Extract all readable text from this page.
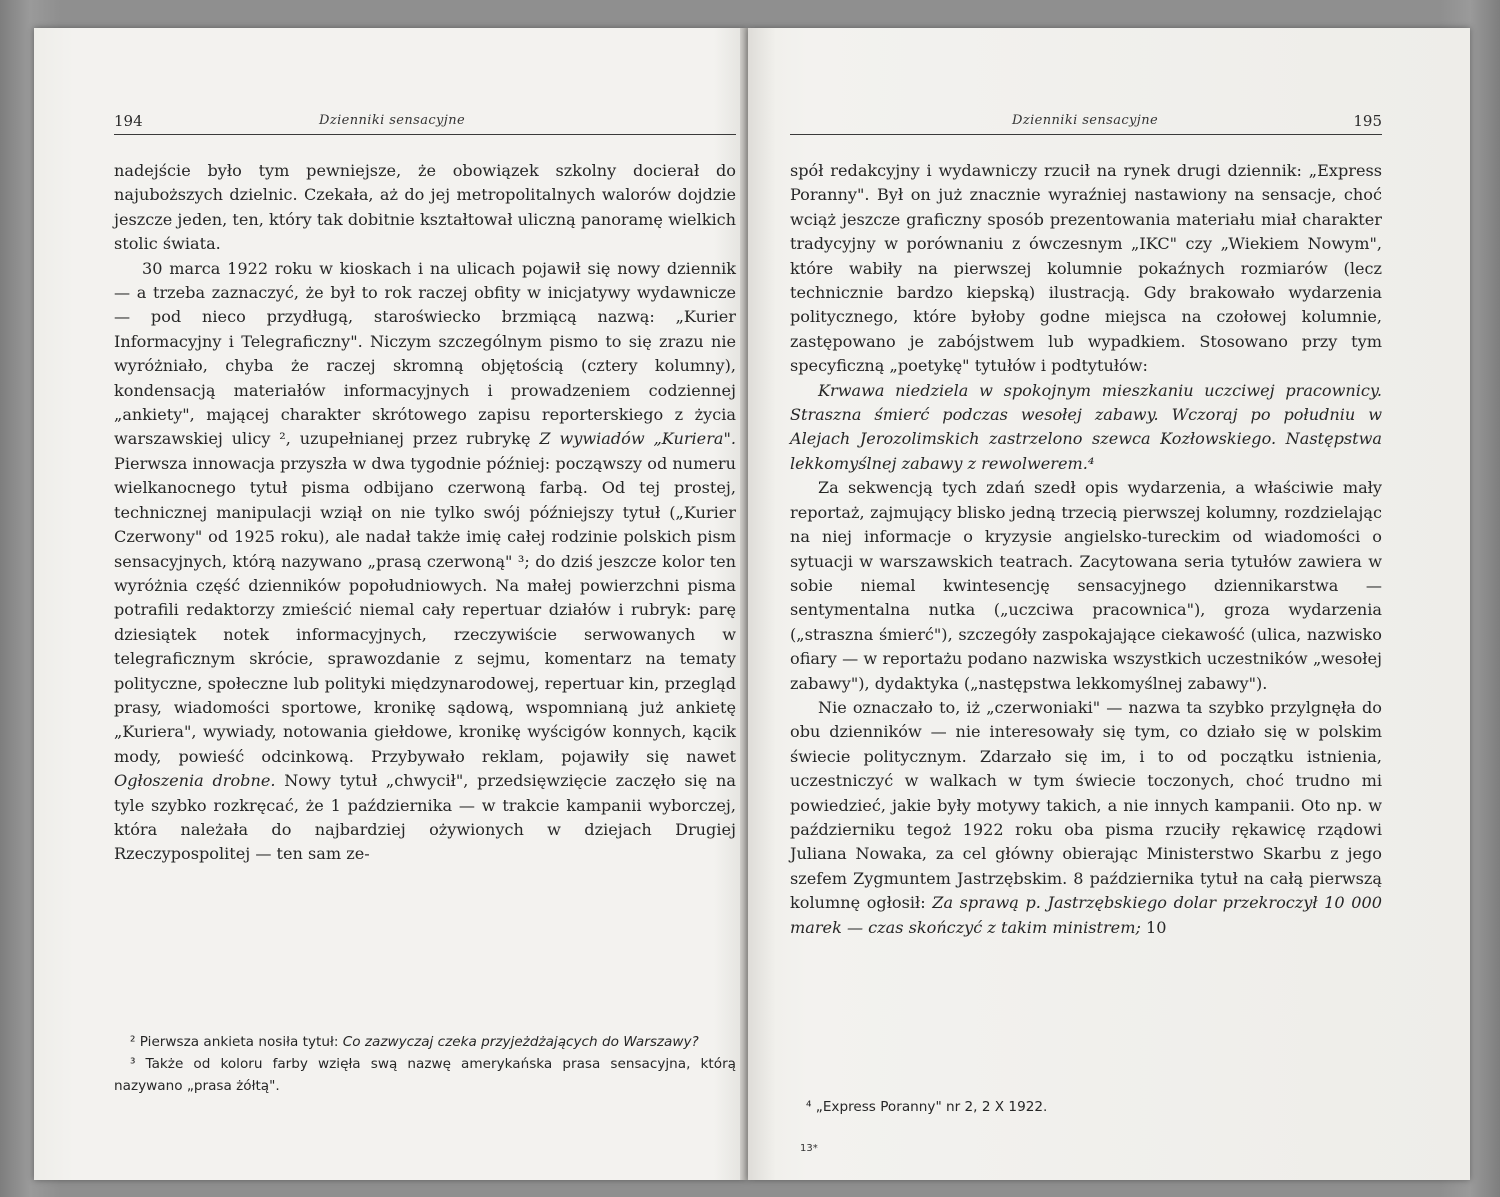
194	Dzienniki sensacyjne

nadejście było tym pewniejsze, że obowiązek szkolny docierał do najuboższych dzielnic. Czekała, aż do jej metropolitalnych walorów dojdzie jeszcze jeden, ten, który tak dobitnie kształtował uliczną panoramę wielkich stolic świata.

30 marca 1922 roku w kioskach i na ulicach pojawił się nowy dziennik — a trzeba zaznaczyć, że był to rok raczej obfity w inicjatywy wydawnicze — pod nieco przydługą, staroświecko brzmiącą nazwą: „Kurier Informacyjny i Telegraficzny". Niczym szczególnym pismo to się zrazu nie wyróżniało, chyba że raczej skromną objętością (cztery kolumny), kondensacją materiałów informacyjnych i prowadzeniem codziennej „ankiety", mającej charakter skrótowego zapisu reporterskiego z życia warszawskiej ulicy ², uzupełnianej przez rubrykę Z wywiadów „Kuriera". Pierwsza innowacja przyszła w dwa tygodnie później: począwszy od numeru wielkanocnego tytuł pisma odbijano czerwoną farbą. Od tej prostej, technicznej manipulacji wziął on nie tylko swój późniejszy tytuł („Kurier Czerwony" od 1925 roku), ale nadał także imię całej rodzinie polskich pism sensacyjnych, którą nazywano „prasą czerwoną" ³; do dziś jeszcze kolor ten wyróżnia część dzienników popołudniowych. Na małej powierzchni pisma potrafili redaktorzy zmieścić niemal cały repertuar działów i rubryk: parę dziesiątek notek informacyjnych, rzeczywiście serwowanych w telegraficznym skrócie, sprawozdanie z sejmu, komentarz na tematy polityczne, społeczne lub polityki międzynarodowej, repertuar kin, przegląd prasy, wiadomości sportowe, kronikę sądową, wspomnianą już ankietę „Kuriera", wywiady, notowania giełdowe, kronikę wyścigów konnych, kącik mody, powieść odcinkową. Przybywało reklam, pojawiły się nawet Ogłoszenia drobne. Nowy tytuł „chwycił", przedsięwzięcie zaczęło się na tyle szybko rozkręcać, że 1 października — w trakcie kampanii wyborczej, która należała do najbardziej ożywionych w dziejach Drugiej Rzeczypospolitej — ten sam ze-

² Pierwsza ankieta nosiła tytuł: Co zazwyczaj czeka przyjeżdżających do Warszawy?

³ Także od koloru farby wzięła swą nazwę amerykańska prasa sensacyjna, którą nazywano „prasa żółtą".

Dzienniki sensacyjne	195

spół redakcyjny i wydawniczy rzucił na rynek drugi dziennik: „Express Poranny". Był on już znacznie wyraźniej nastawiony na sensacje, choć wciąż jeszcze graficzny sposób prezentowania materiału miał charakter tradycyjny w porównaniu z ówczesnym „IKC" czy „Wiekiem Nowym", które wabiły na pierwszej kolumnie pokaźnych rozmiarów (lecz technicznie bardzo kiepską) ilustracją. Gdy brakowało wydarzenia politycznego, które byłoby godne miejsca na czołowej kolumnie, zastępowano je zabójstwem lub wypadkiem. Stosowano przy tym specyficzną „poetykę" tytułów i podtytułów:

Krwawa niedziela w spokojnym mieszkaniu uczciwej pracownicy. Straszna śmierć podczas wesołej zabawy. Wczoraj po południu w Alejach Jerozolimskich zastrzelono szewca Kozłowskiego. Następstwa lekkomyślnej zabawy z rewolwerem.⁴

Za sekwencją tych zdań szedł opis wydarzenia, a właściwie mały reportaż, zajmujący blisko jedną trzecią pierwszej kolumny, rozdzielając na niej informacje o kryzysie angielsko-tureckim od wiadomości o sytuacji w warszawskich teatrach. Zacytowana seria tytułów zawiera w sobie niemal kwintesencję sensacyjnego dziennikarstwa — sentymentalna nutka („uczciwa pracownica"), groza wydarzenia („straszna śmierć"), szczegóły zaspokajające ciekawość (ulica, nazwisko ofiary — w reportażu podano nazwiska wszystkich uczestników „wesołej zabawy"), dydaktyka („następstwa lekkomyślnej zabawy").

Nie oznaczało to, iż „czerwoniaki" — nazwa ta szybko przylgnęła do obu dzienników — nie interesowały się tym, co działo się w polskim świecie politycznym. Zdarzało się im, i to od początku istnienia, uczestniczyć w walkach w tym świecie toczonych, choć trudno mi powiedzieć, jakie były motywy takich, a nie innych kampanii. Oto np. w październiku tegoż 1922 roku oba pisma rzuciły rękawicę rządowi Juliana Nowaka, za cel główny obierając Ministerstwo Skarbu z jego szefem Zygmuntem Jastrzębskim. 8 października tytuł na całą pierwszą kolumnę ogłosił: Za sprawą p. Jastrzębskiego dolar przekroczył 10 000 marek — czas skończyć z takim ministrem; 10

⁴ „Express Poranny" nr 2, 2 X 1922.

13*
